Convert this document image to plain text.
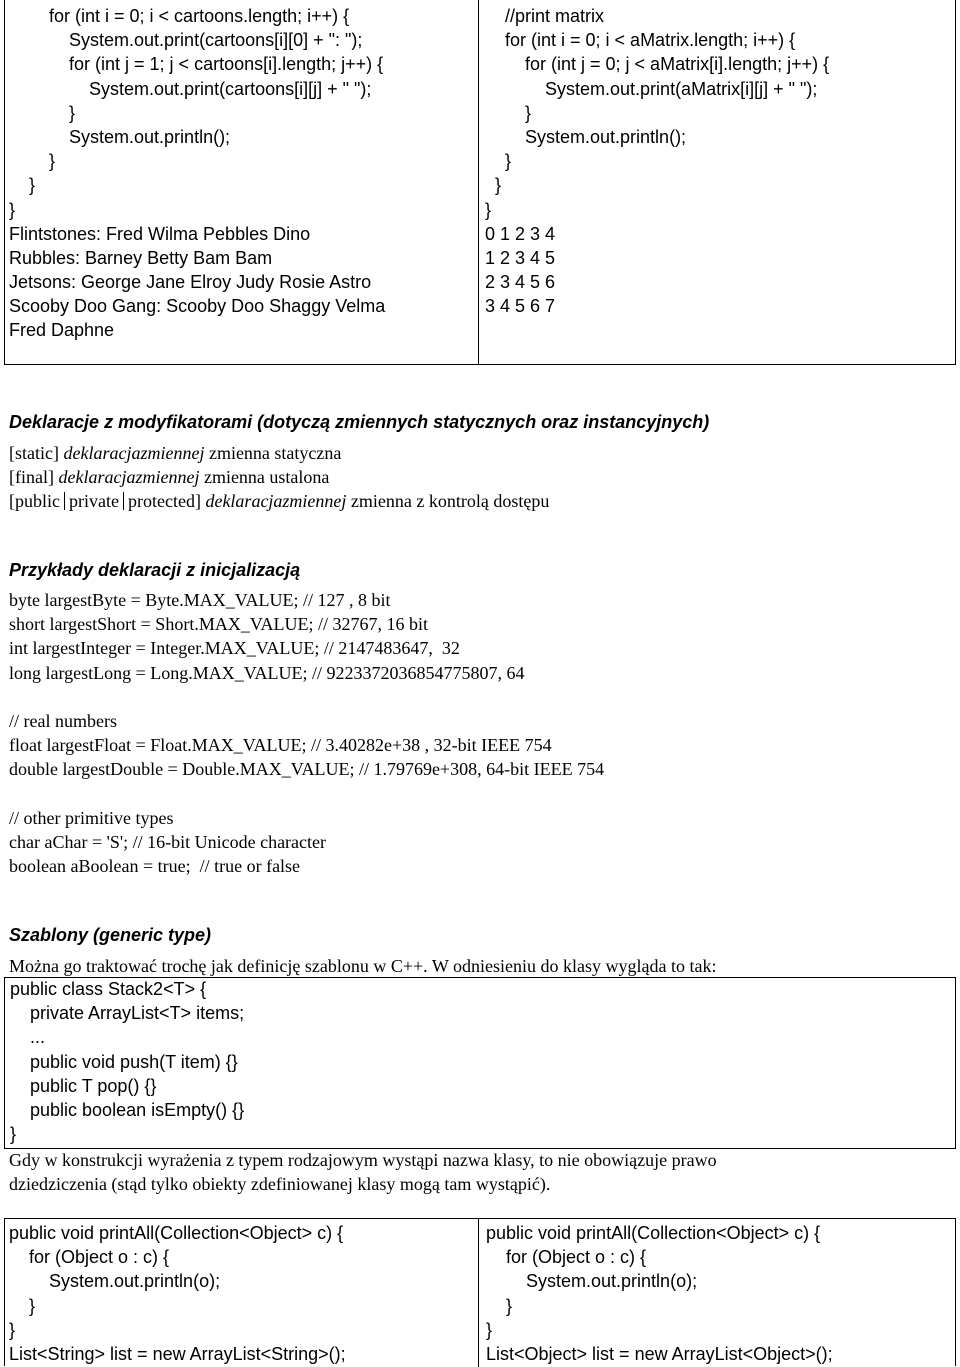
for (int i = 0; i < cartoons.length; i++) {
System.out.print(cartoons[i][0] + ": ");
for (int j = 1; j < cartoons[i].length; j++) {
System.out.print(cartoons[i][j] + " ");
}
System.out.println();
}
}
}
Flintstones: Fred Wilma Pebbles Dino
Rubbles: Barney Betty Bam Bam
Jetsons: George Jane Elroy Judy Rosie Astro
Scooby Doo Gang: Scooby Doo Shaggy Velma
Fred Daphne
//print matrix
for (int i = 0; i < aMatrix.length; i++) {
for (int j = 0; j < aMatrix[i].length; j++) {
System.out.print(aMatrix[i][j] + " ");
}
System.out.println();
}
}
}
0 1 2 3 4
1 2 3 4 5
2 3 4 5 6
3 4 5 6 7
Deklaracje z modyfikatorami (dotyczą zmiennych statycznych oraz instancyjnych)
[static] deklaracjazmiennej zmienna statyczna
[final] deklaracjazmiennej zmienna ustalona
[public private protected] deklaracjazmiennej zmienna z kontrolą dostępu
Przykłady deklaracji z inicjalizacją
byte largestByte = Byte.MAX_VALUE; // 127 , 8 bit
short largestShort = Short.MAX_VALUE; // 32767, 16 bit
int largestInteger = Integer.MAX_VALUE; // 2147483647,  32
long largestLong = Long.MAX_VALUE; // 9223372036854775807, 64
// real numbers
float largestFloat = Float.MAX_VALUE; // 3.40282e+38 , 32-bit IEEE 754
double largestDouble = Double.MAX_VALUE; // 1.79769e+308, 64-bit IEEE 754
// other primitive types
char aChar = 'S'; // 16-bit Unicode character
boolean aBoolean = true;  // true or false
Szablony (generic type)
Można go traktować trochę jak definicję szablonu w C++. W odniesieniu do klasy wygląda to tak:
public class Stack2<T> {
private ArrayList<T> items;
...
public void push(T item) {}
public T pop() {}
public boolean isEmpty() {}
}
Gdy w konstrukcji wyrażenia z typem rodzajowym wystąpi nazwa klasy, to nie obowiązuje prawo
dziedziczenia (stąd tylko obiekty zdefiniowanej klasy mogą tam wystąpić).
public void printAll(Collection<Object> c) {
for (Object o : c) {
System.out.println(o);
}
}
List<String> list = new ArrayList<String>();
public void printAll(Collection<Object> c) {
for (Object o : c) {
System.out.println(o);
}
}
List<Object> list = new ArrayList<Object>();
